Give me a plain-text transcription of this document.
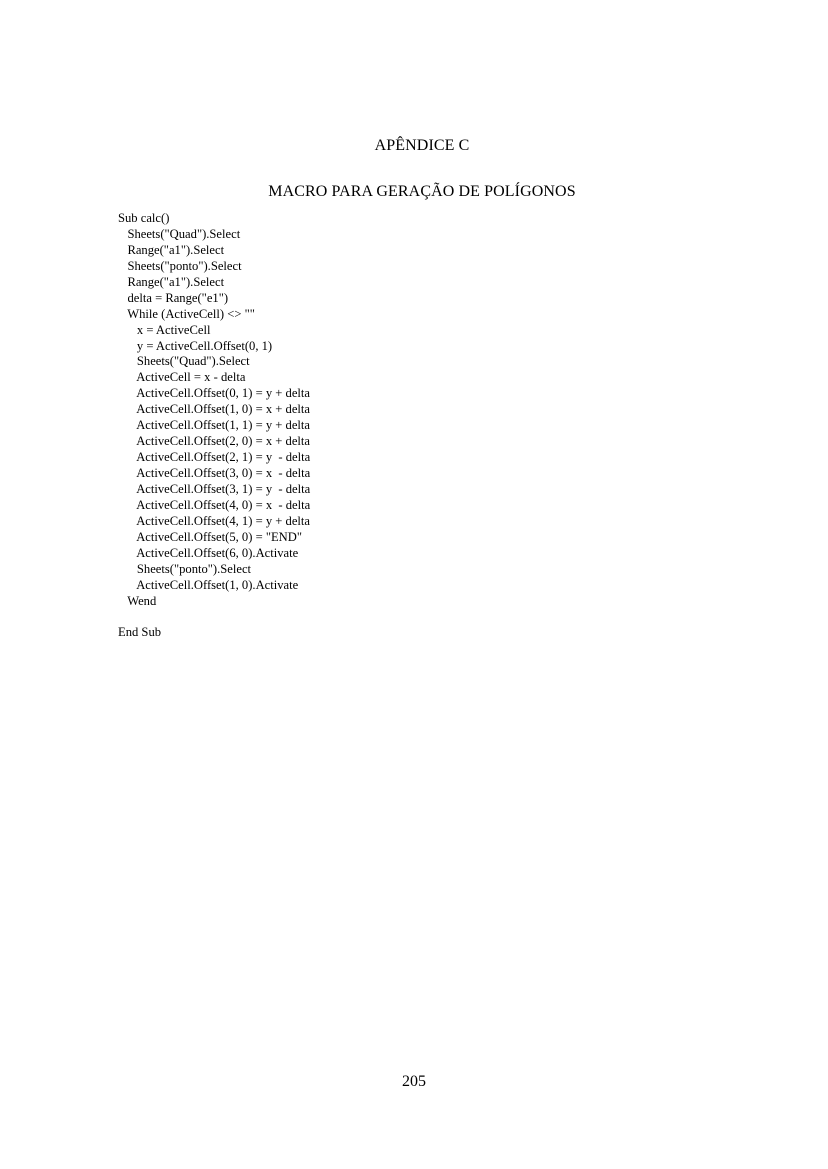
APÊNDICE C
MACRO PARA GERAÇÃO DE POLÍGONOS
Sub calc()
Sheets("Quad").Select
Range("a1").Select
Sheets("ponto").Select
Range("a1").Select
delta = Range("e1")
While (ActiveCell) <> ""
x = ActiveCell
y = ActiveCell.Offset(0, 1)
Sheets("Quad").Select
ActiveCell = x - delta
ActiveCell.Offset(0, 1) = y + delta
ActiveCell.Offset(1, 0) = x + delta
ActiveCell.Offset(1, 1) = y + delta
ActiveCell.Offset(2, 0) = x + delta
ActiveCell.Offset(2, 1) = y  - delta
ActiveCell.Offset(3, 0) = x  - delta
ActiveCell.Offset(3, 1) = y  - delta
ActiveCell.Offset(4, 0) = x  - delta
ActiveCell.Offset(4, 1) = y + delta
ActiveCell.Offset(5, 0) = "END"
ActiveCell.Offset(6, 0).Activate
Sheets("ponto").Select
ActiveCell.Offset(1, 0).Activate
Wend
End Sub
205
